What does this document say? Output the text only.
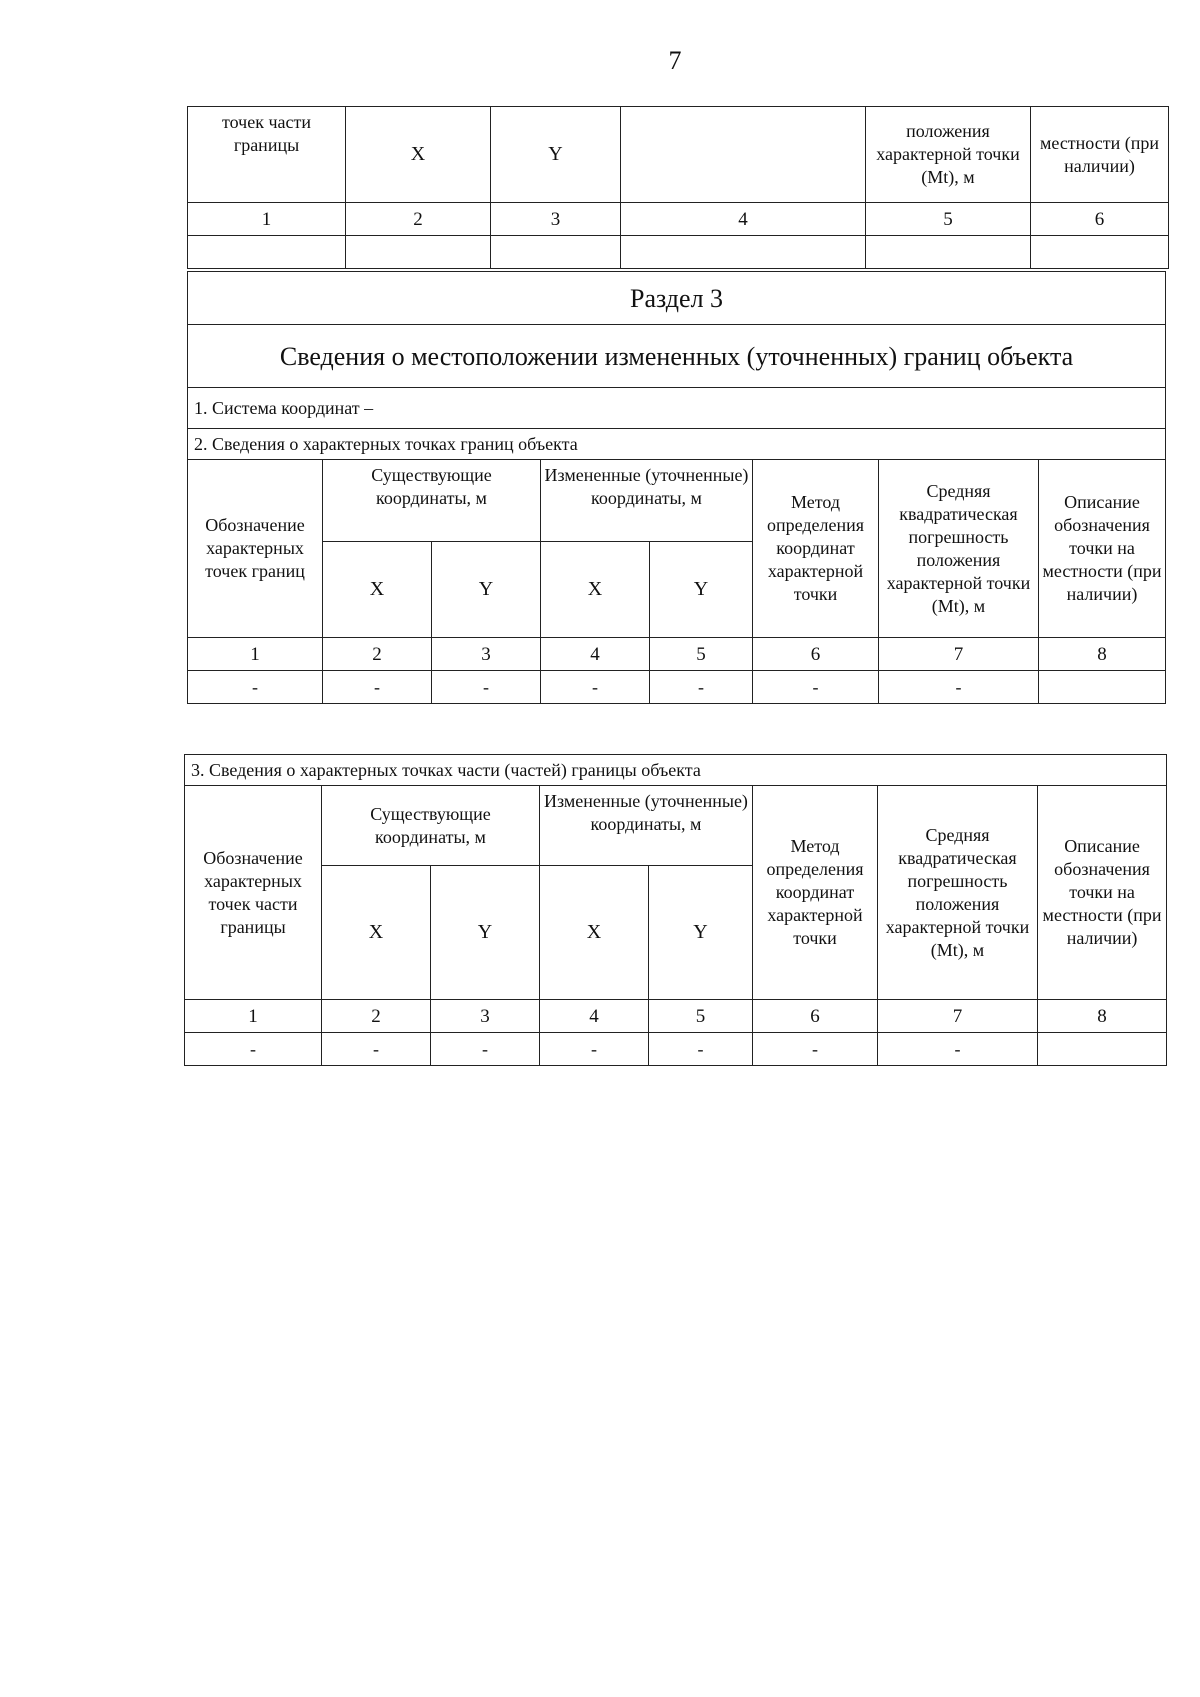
7
точек части границы	X	Y		положения характерной точки (Mt), м	местности (при наличии)
1	2	3	4	5	6

Раздел 3							
Сведения о местоположении измененных (уточненных) границ объекта							
1. Система координат –							
2. Сведения о характерных точках границ объекта							
Обозначение характерных точек границ	Существующие координаты, м		Измененные (уточненные) координаты, м		Метод определения координат характерной точки	Средняя квадратическая погрешность положения характерной точки (Mt), м	Описание обозначения точки на местности (при наличии)
	X	Y	X	Y			
1	2	3	4	5	6	7	8
-	-	-	-	-	-	-	
3. Сведения о характерных точках части (частей) границы объекта							
Обозначение характерных точек части границы	Существующие координаты, м		Измененные (уточненные) координаты, м		Метод определения координат характерной точки	Средняя квадратическая погрешность положения характерной точки (Mt), м	Описание обозначения точки на местности (при наличии)
	X	Y	X	Y			
1	2	3	4	5	6	7	8
-	-	-	-	-	-	-	
